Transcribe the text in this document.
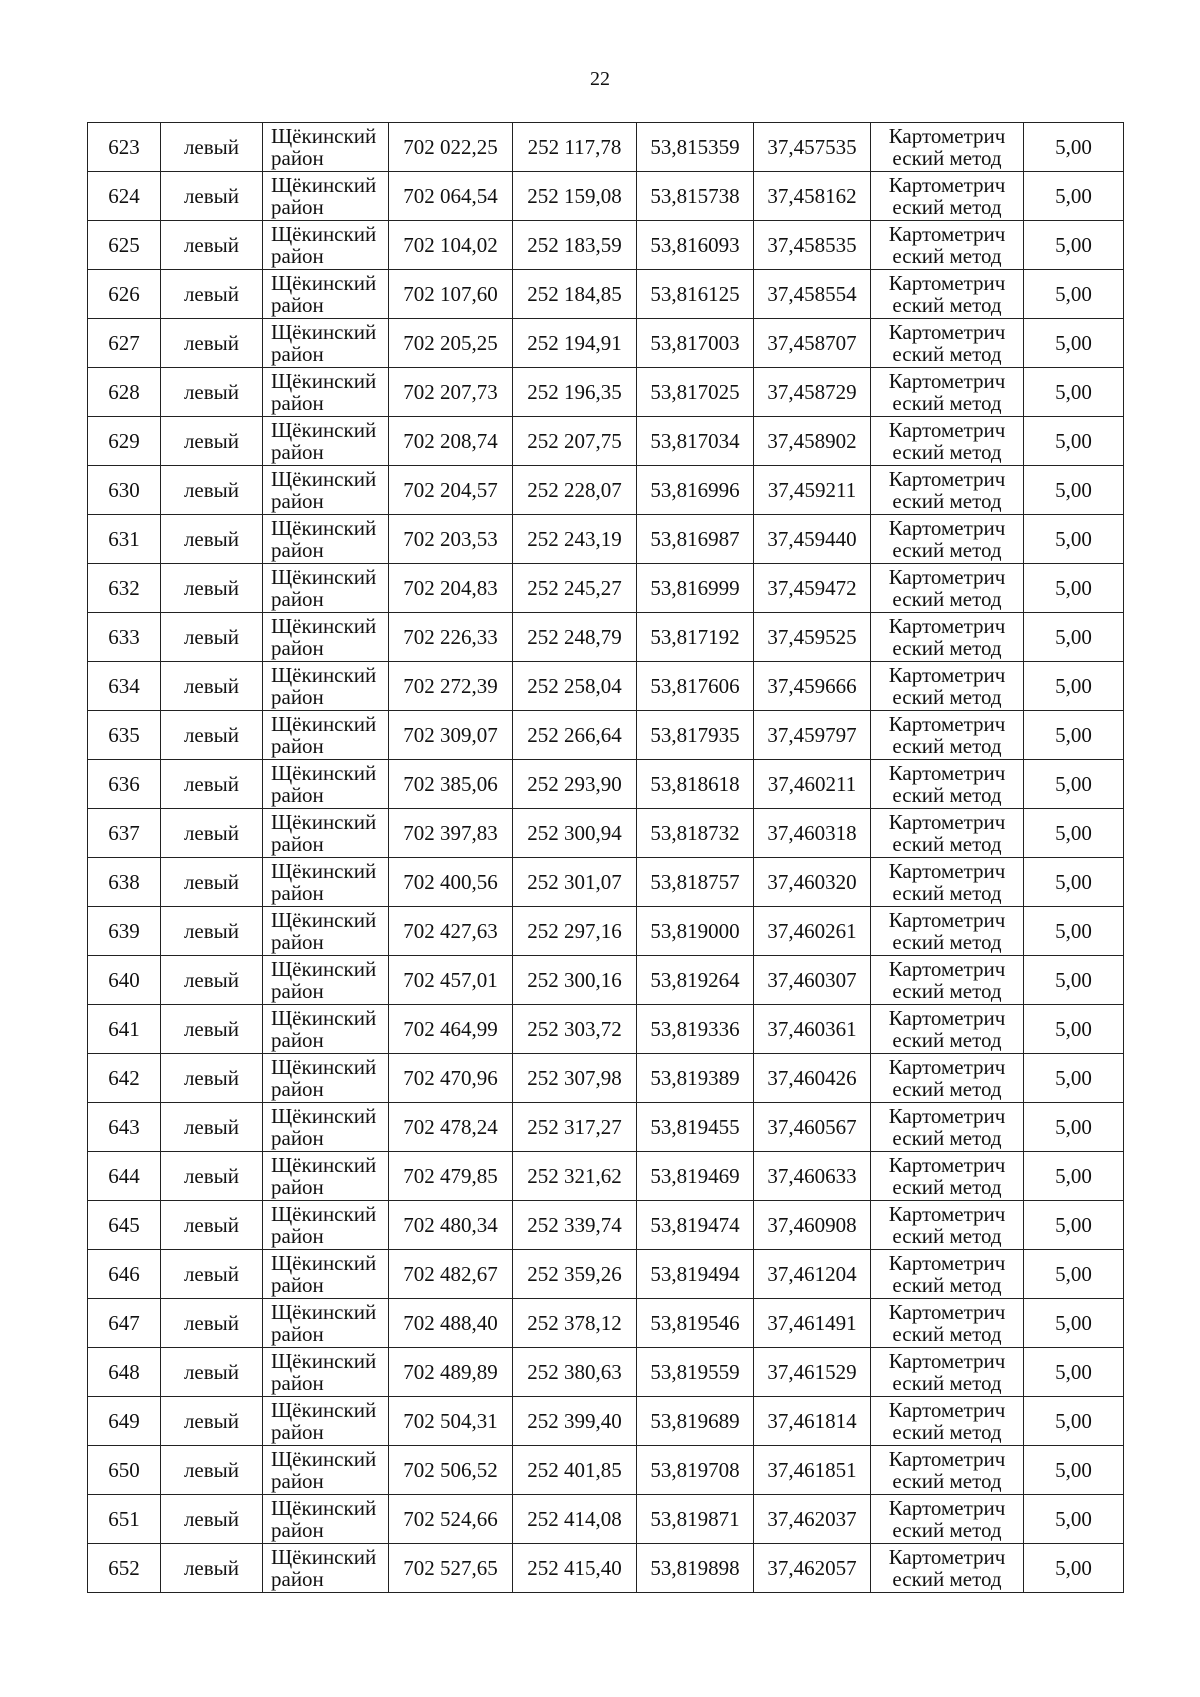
22
623	левый	Щёкинский район	702 022,25	252 117,78	53,815359	37,457535	Картометрич еский метод	5,00
624	левый	Щёкинский район	702 064,54	252 159,08	53,815738	37,458162	Картометрич еский метод	5,00
625	левый	Щёкинский район	702 104,02	252 183,59	53,816093	37,458535	Картометрич еский метод	5,00
626	левый	Щёкинский район	702 107,60	252 184,85	53,816125	37,458554	Картометрич еский метод	5,00
627	левый	Щёкинский район	702 205,25	252 194,91	53,817003	37,458707	Картометрич еский метод	5,00
628	левый	Щёкинский район	702 207,73	252 196,35	53,817025	37,458729	Картометрич еский метод	5,00
629	левый	Щёкинский район	702 208,74	252 207,75	53,817034	37,458902	Картометрич еский метод	5,00
630	левый	Щёкинский район	702 204,57	252 228,07	53,816996	37,459211	Картометрич еский метод	5,00
631	левый	Щёкинский район	702 203,53	252 243,19	53,816987	37,459440	Картометрич еский метод	5,00
632	левый	Щёкинский район	702 204,83	252 245,27	53,816999	37,459472	Картометрич еский метод	5,00
633	левый	Щёкинский район	702 226,33	252 248,79	53,817192	37,459525	Картометрич еский метод	5,00
634	левый	Щёкинский район	702 272,39	252 258,04	53,817606	37,459666	Картометрич еский метод	5,00
635	левый	Щёкинский район	702 309,07	252 266,64	53,817935	37,459797	Картометрич еский метод	5,00
636	левый	Щёкинский район	702 385,06	252 293,90	53,818618	37,460211	Картометрич еский метод	5,00
637	левый	Щёкинский район	702 397,83	252 300,94	53,818732	37,460318	Картометрич еский метод	5,00
638	левый	Щёкинский район	702 400,56	252 301,07	53,818757	37,460320	Картометрич еский метод	5,00
639	левый	Щёкинский район	702 427,63	252 297,16	53,819000	37,460261	Картометрич еский метод	5,00
640	левый	Щёкинский район	702 457,01	252 300,16	53,819264	37,460307	Картометрич еский метод	5,00
641	левый	Щёкинский район	702 464,99	252 303,72	53,819336	37,460361	Картометрич еский метод	5,00
642	левый	Щёкинский район	702 470,96	252 307,98	53,819389	37,460426	Картометрич еский метод	5,00
643	левый	Щёкинский район	702 478,24	252 317,27	53,819455	37,460567	Картометрич еский метод	5,00
644	левый	Щёкинский район	702 479,85	252 321,62	53,819469	37,460633	Картометрич еский метод	5,00
645	левый	Щёкинский район	702 480,34	252 339,74	53,819474	37,460908	Картометрич еский метод	5,00
646	левый	Щёкинский район	702 482,67	252 359,26	53,819494	37,461204	Картометрич еский метод	5,00
647	левый	Щёкинский район	702 488,40	252 378,12	53,819546	37,461491	Картометрич еский метод	5,00
648	левый	Щёкинский район	702 489,89	252 380,63	53,819559	37,461529	Картометрич еский метод	5,00
649	левый	Щёкинский район	702 504,31	252 399,40	53,819689	37,461814	Картометрич еский метод	5,00
650	левый	Щёкинский район	702 506,52	252 401,85	53,819708	37,461851	Картометрич еский метод	5,00
651	левый	Щёкинский район	702 524,66	252 414,08	53,819871	37,462037	Картометрич еский метод	5,00
652	левый	Щёкинский район	702 527,65	252 415,40	53,819898	37,462057	Картометрич еский метод	5,00
